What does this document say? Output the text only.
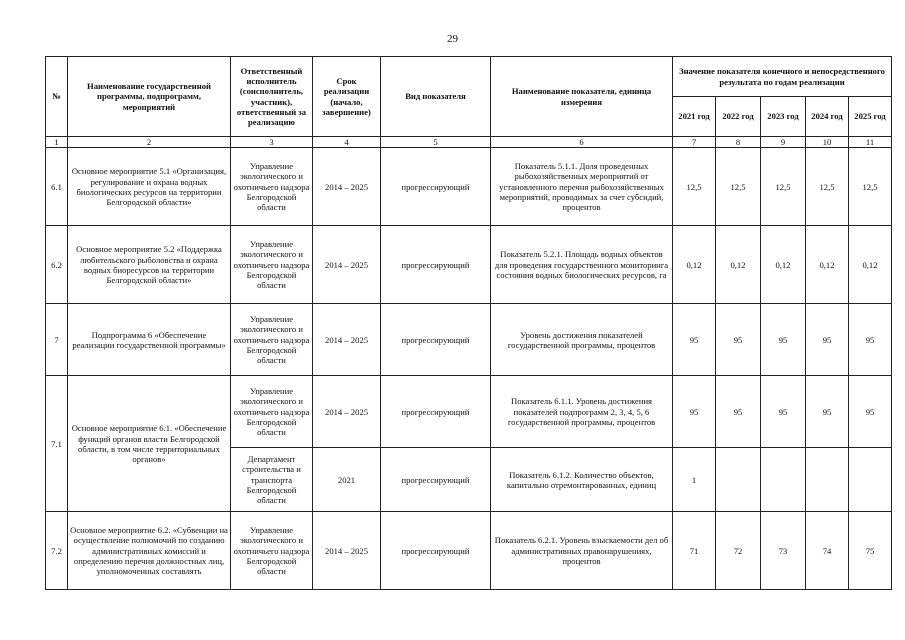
29
№	Наименование государственной программы, подпрограмм, мероприятий	Ответственный исполнитель (соисполнитель, участник), ответственный за реализацию	Срок реализации (начало, завершение)	Вид показателя	Наименование показателя, единица измерения	Значение показателя конечного и непосредственного результата по годам реализации				
						2021 год	2022 год	2023 год	2024 год	2025 год
1	2	3	4	5	6	7	8	9	10	11
6.1	Основное мероприятие 5.1 «Организация, регулирование и охрана водных биологических ресурсов на территории Белгородской области»	Управление экологического и охотничьего надзора Белгородской области	2014 – 2025	прогрессирующий	Показатель 5.1.1. Доля проведенных рыбохозяйственных мероприятий от установленного перечня рыбохозяйственных мероприятий, проводимых за счет субсидий, процентов	12,5	12,5	12,5	12,5	12,5
6.2	Основное мероприятие 5.2 «Поддержка любительского рыболовства и охрана водных биоресурсов на территории Белгородской области»	Управление экологического и охотничьего надзора Белгородской области	2014 – 2025	прогрессирующий	Показатель 5.2.1. Площадь водных объектов для проведения государственного мониторинга состояния водных биологических ресурсов, га	0,12	0,12	0,12	0,12	0,12
7	Подпрограмма 6 «Обеспечение реализации государственной программы»	Управление экологического и охотничьего надзора Белгородской области	2014 – 2025	прогрессирующий	Уровень достижения показателей государственной программы, процентов	95	95	95	95	95
7.1	Основное мероприятие 6.1. «Обеспечение функций органов власти Белгородской области, в том числе территориальных органов»	Управление экологического и охотничьего надзора Белгородской области	2014 – 2025	прогрессирующий	Показатель 6.1.1. Уровень достижения показателей подпрограмм 2, 3, 4, 5, 6 государственной программы, процентов	95	95	95	95	95
		Департамент строительства и транспорта Белгородской области	2021	прогрессирующий	Показатель 6.1.2. Количество объектов, капитально отремонтированных, единиц	1				
7.2	Основное мероприятие 6.2. «Субвенции на осуществление полномочий по созданию административных комиссий и определению перечня должностных лиц, уполномоченных составлять	Управление экологического и охотничьего надзора Белгородской области	2014 – 2025	прогрессирующий	Показатель 6.2.1. Уровень взыскаемости дел об административных правонарушениях, процентов	71	72	73	74	75
